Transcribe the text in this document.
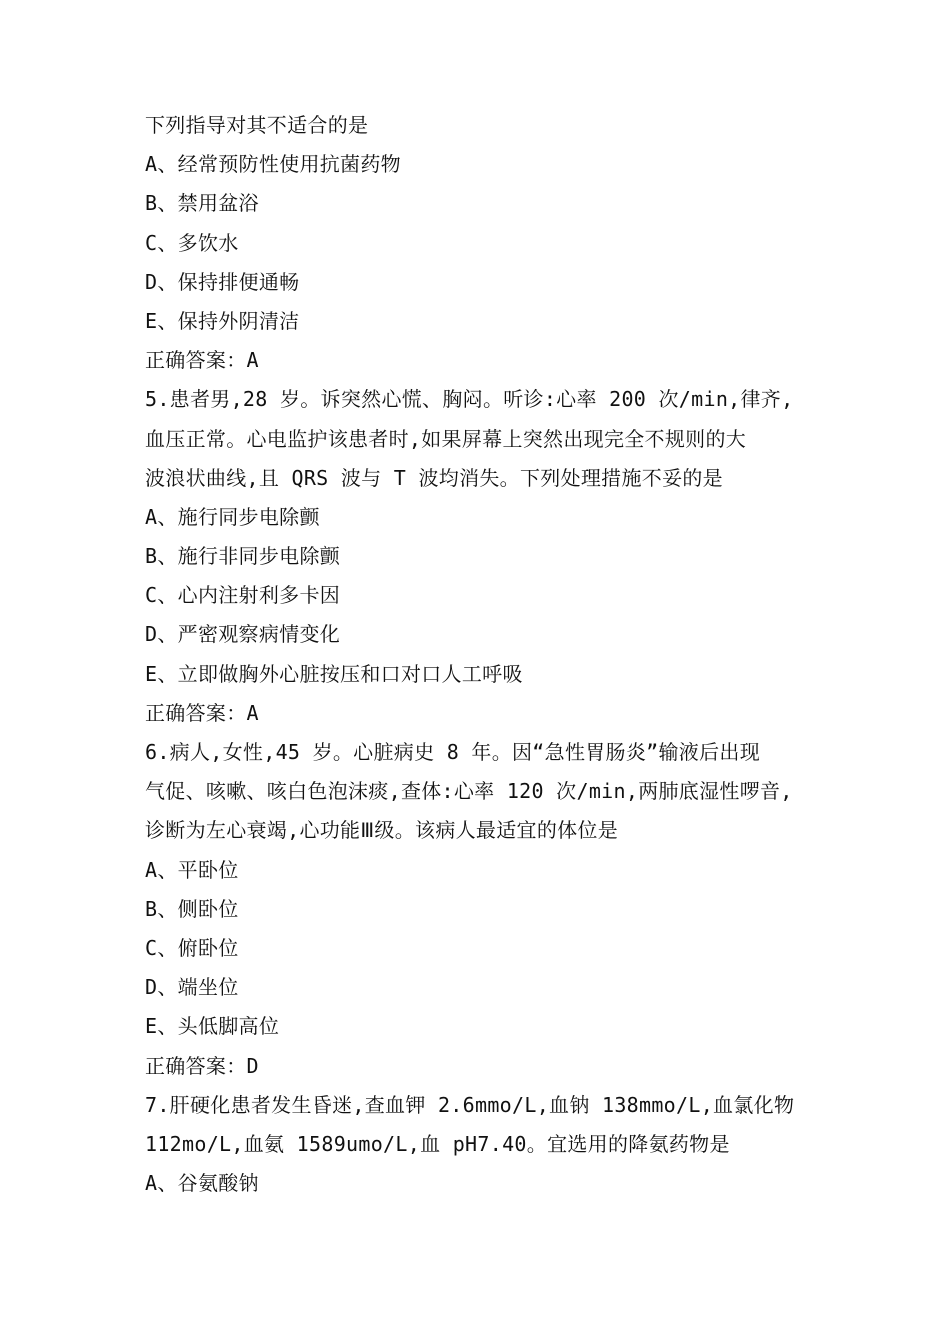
下列指导对其不适合的是
A、经常预防性使用抗菌药物
B、禁用盆浴
C、多饮水
D、保持排便通畅
E、保持外阴清洁
正确答案：A
5.患者男,28 岁。诉突然心慌、胸闷。听诊:心率 200 次/min,律齐,
血压正常。心电监护该患者时,如果屏幕上突然出现完全不规则的大
波浪状曲线,且 QRS 波与 T 波均消失。下列处理措施不妥的是
A、施行同步电除颤
B、施行非同步电除颤
C、心内注射利多卡因
D、严密观察病情变化
E、立即做胸外心脏按压和口对口人工呼吸
正确答案：A
6.病人,女性,45 岁。心脏病史 8 年。因“急性胃肠炎”输液后出现
气促、咳嗽、咳白色泡沫痰,查体:心率 120 次/min,两肺底湿性啰音,
诊断为左心衰竭,心功能Ⅲ级。该病人最适宜的体位是
A、平卧位
B、侧卧位
C、俯卧位
D、端坐位
E、头低脚高位
正确答案：D
7.肝硬化患者发生昏迷,查血钾 2.6mmo/L,血钠 138mmo/L,血氯化物
112mo/L,血氨 1589umo/L,血 pH7.40。宜选用的降氨药物是
A、谷氨酸钠
